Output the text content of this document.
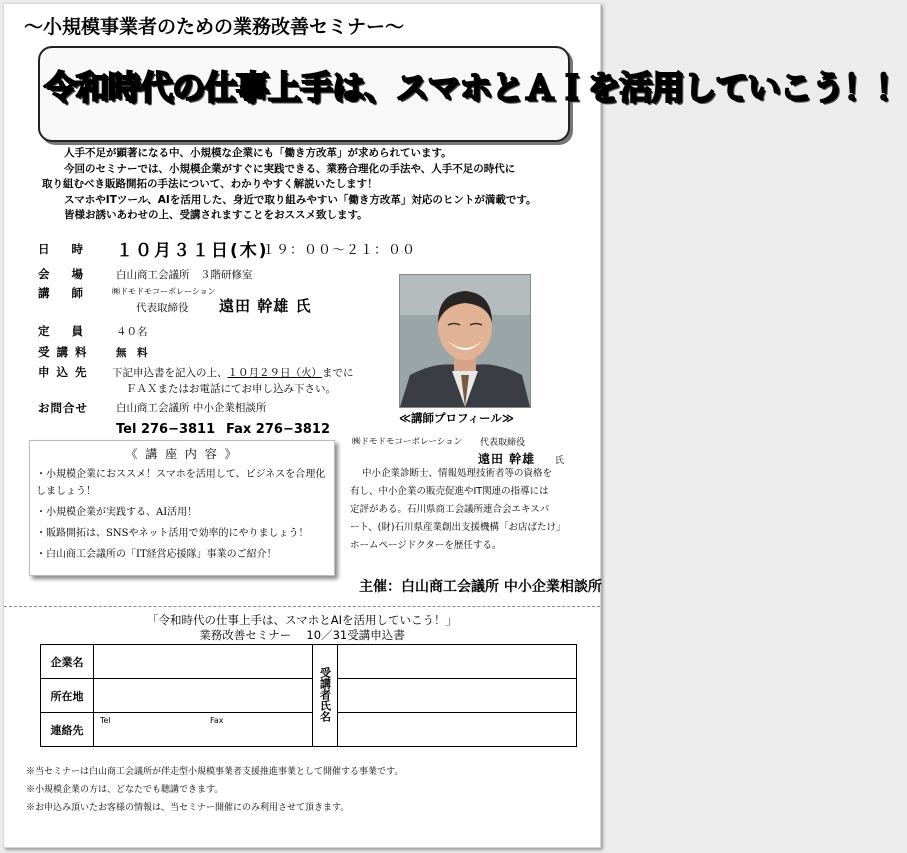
〜小規模事業者のための業務改善セミナー〜
令和時代の仕事上手は、スマホとＡＩを活用していこう！！

人手不足が顕著になる中、小規模な企業にも「働き方改革」が求められています。

今回のセミナーでは、小規模企業がすぐに実践できる、業務合理化の手法や、人手不足の時代に

取り組むべき販路開拓の手法について、わかりやすく解説いたします！

スマホやITツール、AIを活用した、身近で取り組みやすい「働き方改革」対応のヒントが満載です。

皆様お誘いあわせの上、受講されますことをおススメ致します。

日時 １０月３１日(木)
１９：００〜２１：００
会場 白山商工会議所　３階研修室
講師 ㈱ドモドモコーポレーション
代表取締役 遠田 幹雄 氏
定員 ４０名
受講料 無　料
申込先 下記申込書を記入の上、１０月２９日（火）までに
ＦＡＸまたはお電話にてお申し込み下さい。
お問合せ	白山商工会議所 中小企業相談所
Tel 276−3811 Fax 276−3812
≪講師プロフィール≫
㈱ドモドモコーポレーション 代表取締役
遠田 幹雄 氏
中小企業診断士、情報処理技術者等の資格を
有し、中小企業の販売促進やIT関連の指導には
定評がある。石川県商工会議所連合会エキスパ
ート、(財)石川県産業創出支援機構「お店ばたけ」
ホームページドクターを歴任する。
《 講 座 内 容 》
・小規模企業におススメ！スマホを活用して、ビジネスを合理化しましょう！
・小規模企業が実践する、AI活用！
・販路開拓は、SNSやネット活用で効率的にやりましょう！
・白山商工会議所の「IT経営応援隊」事業のご紹介！
主催：白山商工会議所 中小企業相談所
「令和時代の仕事上手は、スマホとAIを活用していこう！」
業務改善セミナー　 10／31受講申込書
企業名		受講者氏名	
所在地			
連絡先	Tel Fax		

※当セミナーは白山商工会議所が伴走型小規模事業者支援推進事業として開催する事業です。
※小規模企業の方は、どなたでも聴講できます。
※お申込み頂いたお客様の情報は、当セミナー開催にのみ利用させて頂きます。
